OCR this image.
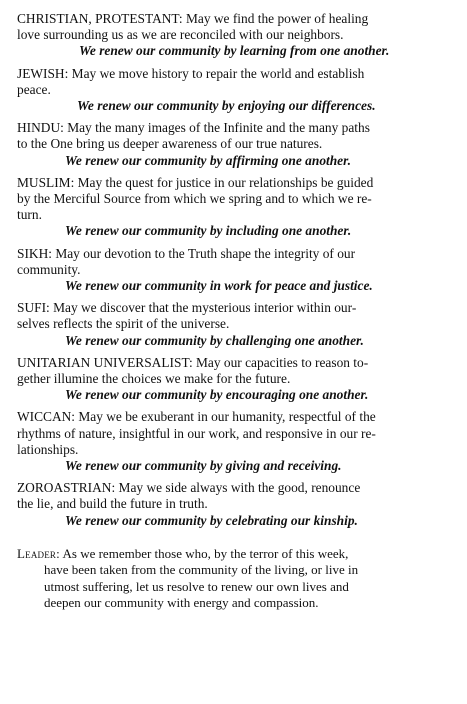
CHRISTIAN, PROTESTANT: May we find the power of healing

love surrounding us as we are reconciled with our neighbors.

We renew our community by learning from one another.

JEWISH: May we move history to repair the world and establish

peace.

We renew our community by enjoying our differences.

HINDU: May the many images of the Infinite and the many paths

to the One bring us deeper awareness of our true natures.

We renew our community by affirming one another.

MUSLIM: May the quest for justice in our relationships be guided

by the Merciful Source from which we spring and to which we re-

turn.

We renew our community by including one another.

SIKH: May our devotion to the Truth shape the integrity of our

community.

We renew our community in work for peace and justice.

SUFI: May we discover that the mysterious interior within our-

selves reflects the spirit of the universe.

We renew our community by challenging one another.

UNITARIAN UNIVERSALIST: May our capacities to reason to-

gether illumine the choices we make for the future.

We renew our community by encouraging one another.

WICCAN: May we be exuberant in our humanity, respectful of the

rhythms of nature, insightful in our work, and responsive in our re-

lationships.

We renew our community by giving and receiving.

ZOROASTRIAN: May we side always with the good, renounce

the lie, and build the future in truth.

We renew our community by celebrating our kinship.

Leader: As we remember those who, by the terror of this week,
have been taken from the community of the living, or live in
utmost suffering, let us resolve to renew our own lives and
deepen our community with energy and compassion.
